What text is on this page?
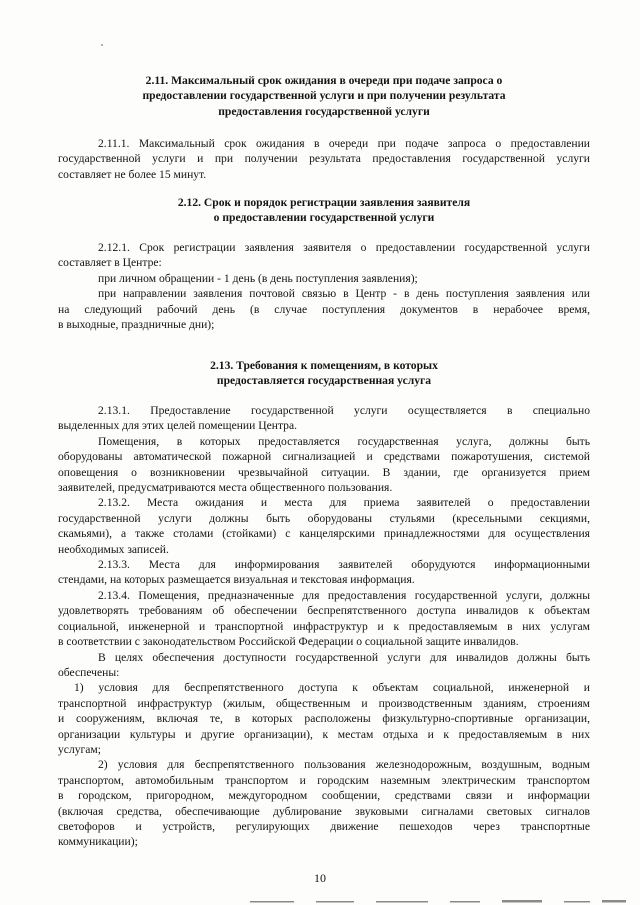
2.11. Максимальный срок ожидания в очереди при подаче запроса о
предоставлении государственной услуги и при получении результата
предоставления государственной услуги
2.11.1. Максимальный срок ожидания в очереди при подаче запроса о предоставлении
государственной услуги и при получении результата предоставления государственной услуги
составляет не более 15 минут.
2.12. Срок и порядок регистрации заявления заявителя
о предоставлении государственной услуги
2.12.1. Срок регистрации заявления заявителя о предоставлении государственной услуги
составляет в Центре:
при личном обращении - 1 день (в день поступления заявления);
при направлении заявления почтовой связью в Центр - в день поступления заявления или
на следующий рабочий день (в случае поступления документов в нерабочее время,
в выходные, праздничные дни);
2.13. Требования к помещениям, в которых
предоставляется государственная услуга
2.13.1. Предоставление государственной услуги осуществляется в специально
выделенных для этих целей помещении Центра.
Помещения, в которых предоставляется государственная услуга, должны быть
оборудованы автоматической пожарной сигнализацией и средствами пожаротушения, системой
оповещения о возникновении чрезвычайной ситуации. В здании, где организуется прием
заявителей, предусматриваются места общественного пользования.
2.13.2. Места ожидания и места для приема заявителей о предоставлении
государственной услуги должны быть оборудованы стульями (кресельными секциями,
скамьями), а также столами (стойками) с канцелярскими принадлежностями для осуществления
необходимых записей.
2.13.3. Места для информирования заявителей оборудуются информационными
стендами, на которых размещается визуальная и текстовая информация.
2.13.4. Помещения, предназначенные для предоставления государственной услуги, должны
удовлетворять требованиям об обеспечении беспрепятственного доступа инвалидов к объектам
социальной, инженерной и транспортной инфраструктур и к предоставляемым в них услугам
в соответствии с законодательством Российской Федерации о социальной защите инвалидов.
В целях обеспечения доступности государственной услуги для инвалидов должны быть
обеспечены:
1) условия для беспрепятственного доступа к объектам социальной, инженерной и
транспортной инфраструктур (жилым, общественным и производственным зданиям, строениям
и сооружениям, включая те, в которых расположены физкультурно-спортивные организации,
организации культуры и другие организации), к местам отдыха и к предоставляемым в них
услугам;
2) условия для беспрепятственного пользования железнодорожным, воздушным, водным
транспортом, автомобильным транспортом и городским наземным электрическим транспортом
в городском, пригородном, междугородном сообщении, средствами связи и информации
(включая средства, обеспечивающие дублирование звуковыми сигналами световых сигналов
светофоров и устройств, регулирующих движение пешеходов через транспортные
коммуникации);
10
